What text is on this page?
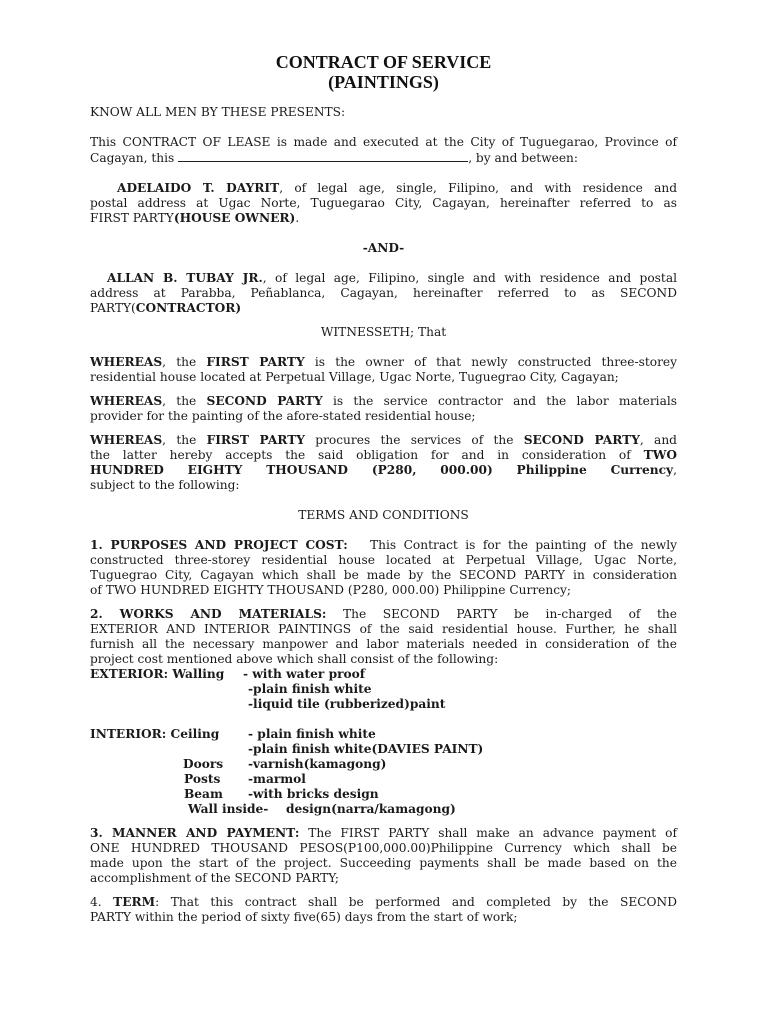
CONTRACT OF SERVICE
(PAINTINGS)
KNOW ALL MEN BY THESE PRESENTS:
This CONTRACT OF LEASE is made and executed at the City of Tuguegarao, Province of
Cagayan, this	, by and between:
ADELAIDO T. DAYRIT, of legal age, single, Filipino, and with residence and
postal address at Ugac Norte, Tuguegarao City, Cagayan, hereinafter referred to as
FIRST PARTY(HOUSE OWNER).
-AND-
ALLAN B. TUBAY JR., of legal age, Filipino, single and with residence and postal
address at Parabba, Peñablanca, Cagayan, hereinafter referred to as SECOND
PARTY(CONTRACTOR)
WITNESSETH; That
WHEREAS, the FIRST PARTY is the owner of that newly constructed three-storey
residential house located at Perpetual Village, Ugac Norte, Tuguegrao City, Cagayan;
WHEREAS, the SECOND PARTY is the service contractor and the labor materials
provider for the painting of the afore-stated residential house;
WHEREAS, the FIRST PARTY procures the services of the SECOND PARTY, and
the latter hereby accepts the said obligation for and in consideration of TWO
HUNDRED EIGHTY THOUSAND (P280, 000.00) Philippine Currency,
subject to the following:
TERMS AND CONDITIONS
1. PURPOSES AND PROJECT COST: This Contract is for the painting of the newly
constructed three-storey residential house located at Perpetual Village, Ugac Norte,
Tuguegrao City, Cagayan which shall be made by the SECOND PARTY in consideration
of TWO HUNDRED EIGHTY THOUSAND (P280, 000.00) Philippine Currency;
2. WORKS AND MATERIALS: The SECOND PARTY be in-charged of the
EXTERIOR AND INTERIOR PAINTINGS of the said residential house. Further, he shall
furnish all the necessary manpower and labor materials needed in consideration of the
project cost mentioned above which shall consist of the following:
EXTERIOR: Walling - with water proof
-plain finish white
-liquid tile (rubberized)paint
INTERIOR: Ceiling - plain finish white
-plain finish white(DAVIES PAINT)
Doors -varnish(kamagong)
Posts -marmol
Beam -with bricks design
Wall inside- design(narra/kamagong)
3. MANNER AND PAYMENT: The FIRST PARTY shall make an advance payment of
ONE HUNDRED THOUSAND PESOS(P100,000.00)Philippine Currency which shall be
made upon the start of the project. Succeeding payments shall be made based on the
accomplishment of the SECOND PARTY;
4. TERM: That this contract shall be performed and completed by the SECOND
PARTY within the period of sixty five(65) days from the start of work;
